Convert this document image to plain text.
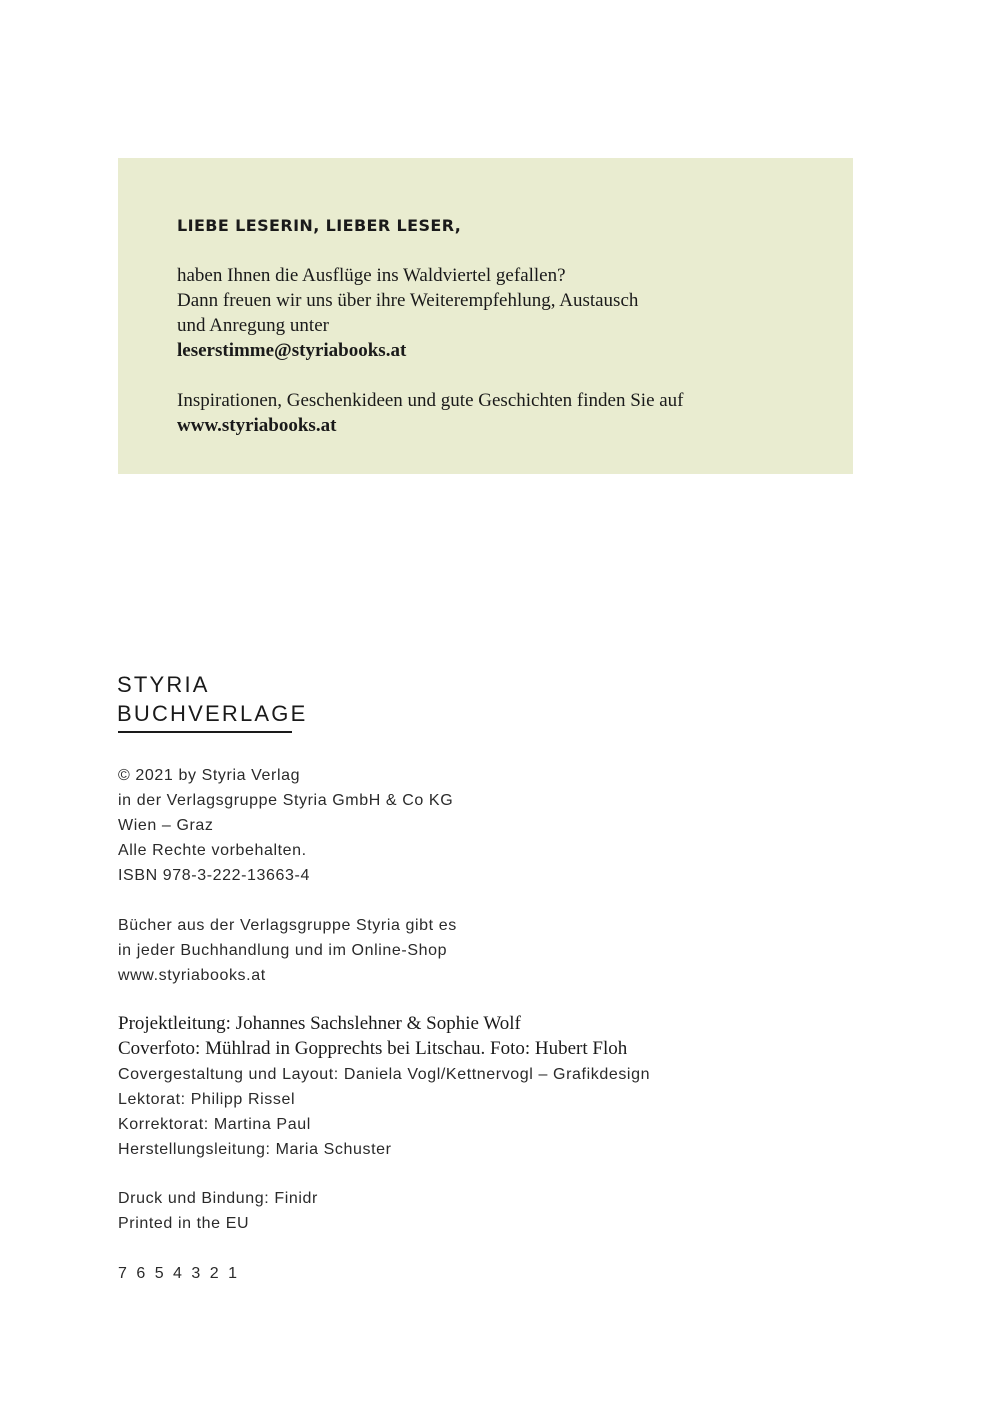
LIEBE LESERIN, LIEBER LESER,
haben Ihnen die Ausflüge ins Waldviertel gefallen?
Dann freuen wir uns über ihre Weiterempfehlung, Austausch
und Anregung unter
leserstimme@styriabooks.at
Inspirationen, Geschenkideen und gute Geschichten finden Sie auf
www.styriabooks.at
STYRIA
BUCHVERLAGE
© 2021 by Styria Verlag
in der Verlagsgruppe Styria GmbH & Co KG
Wien – Graz
Alle Rechte vorbehalten.
ISBN 978-3-222-13663-4
Bücher aus der Verlagsgruppe Styria gibt es
in jeder Buchhandlung und im Online-Shop
www.styriabooks.at
Projektleitung: Johannes Sachslehner & Sophie Wolf
Coverfoto: Mühlrad in Gopprechts bei Litschau. Foto: Hubert Floh
Covergestaltung und Layout: Daniela Vogl/Kettnervogl – Grafikdesign
Lektorat: Philipp Rissel
Korrektorat: Martina Paul
Herstellungsleitung: Maria Schuster
Druck und Bindung: Finidr
Printed in the EU
7 6 5 4 3 2 1
